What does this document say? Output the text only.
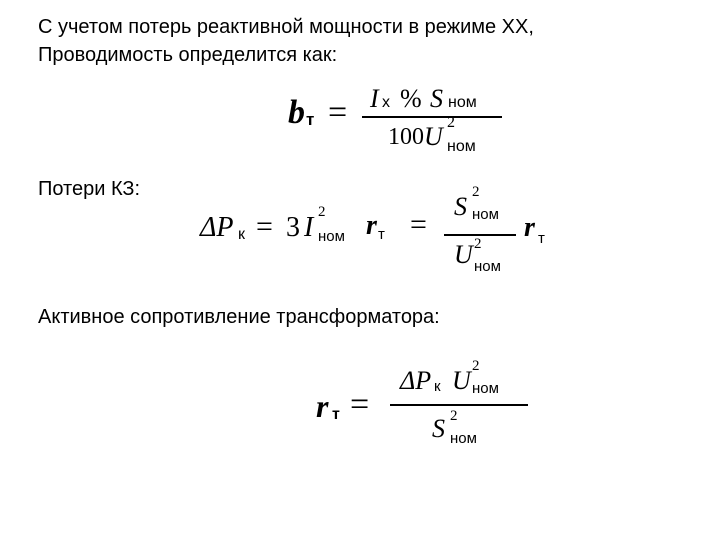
С учетом потерь реактивной мощности в режиме ХХ,
Проводимость определится как:
b т = I х % S ном
100 U 2
ном
Потери КЗ:
ΔP к = 3 I 2
ном r т =
S 2
ном
U 2
ном
r т
Активное сопротивление трансформатора:
r т =
ΔP к U 2
ном
S 2
ном
